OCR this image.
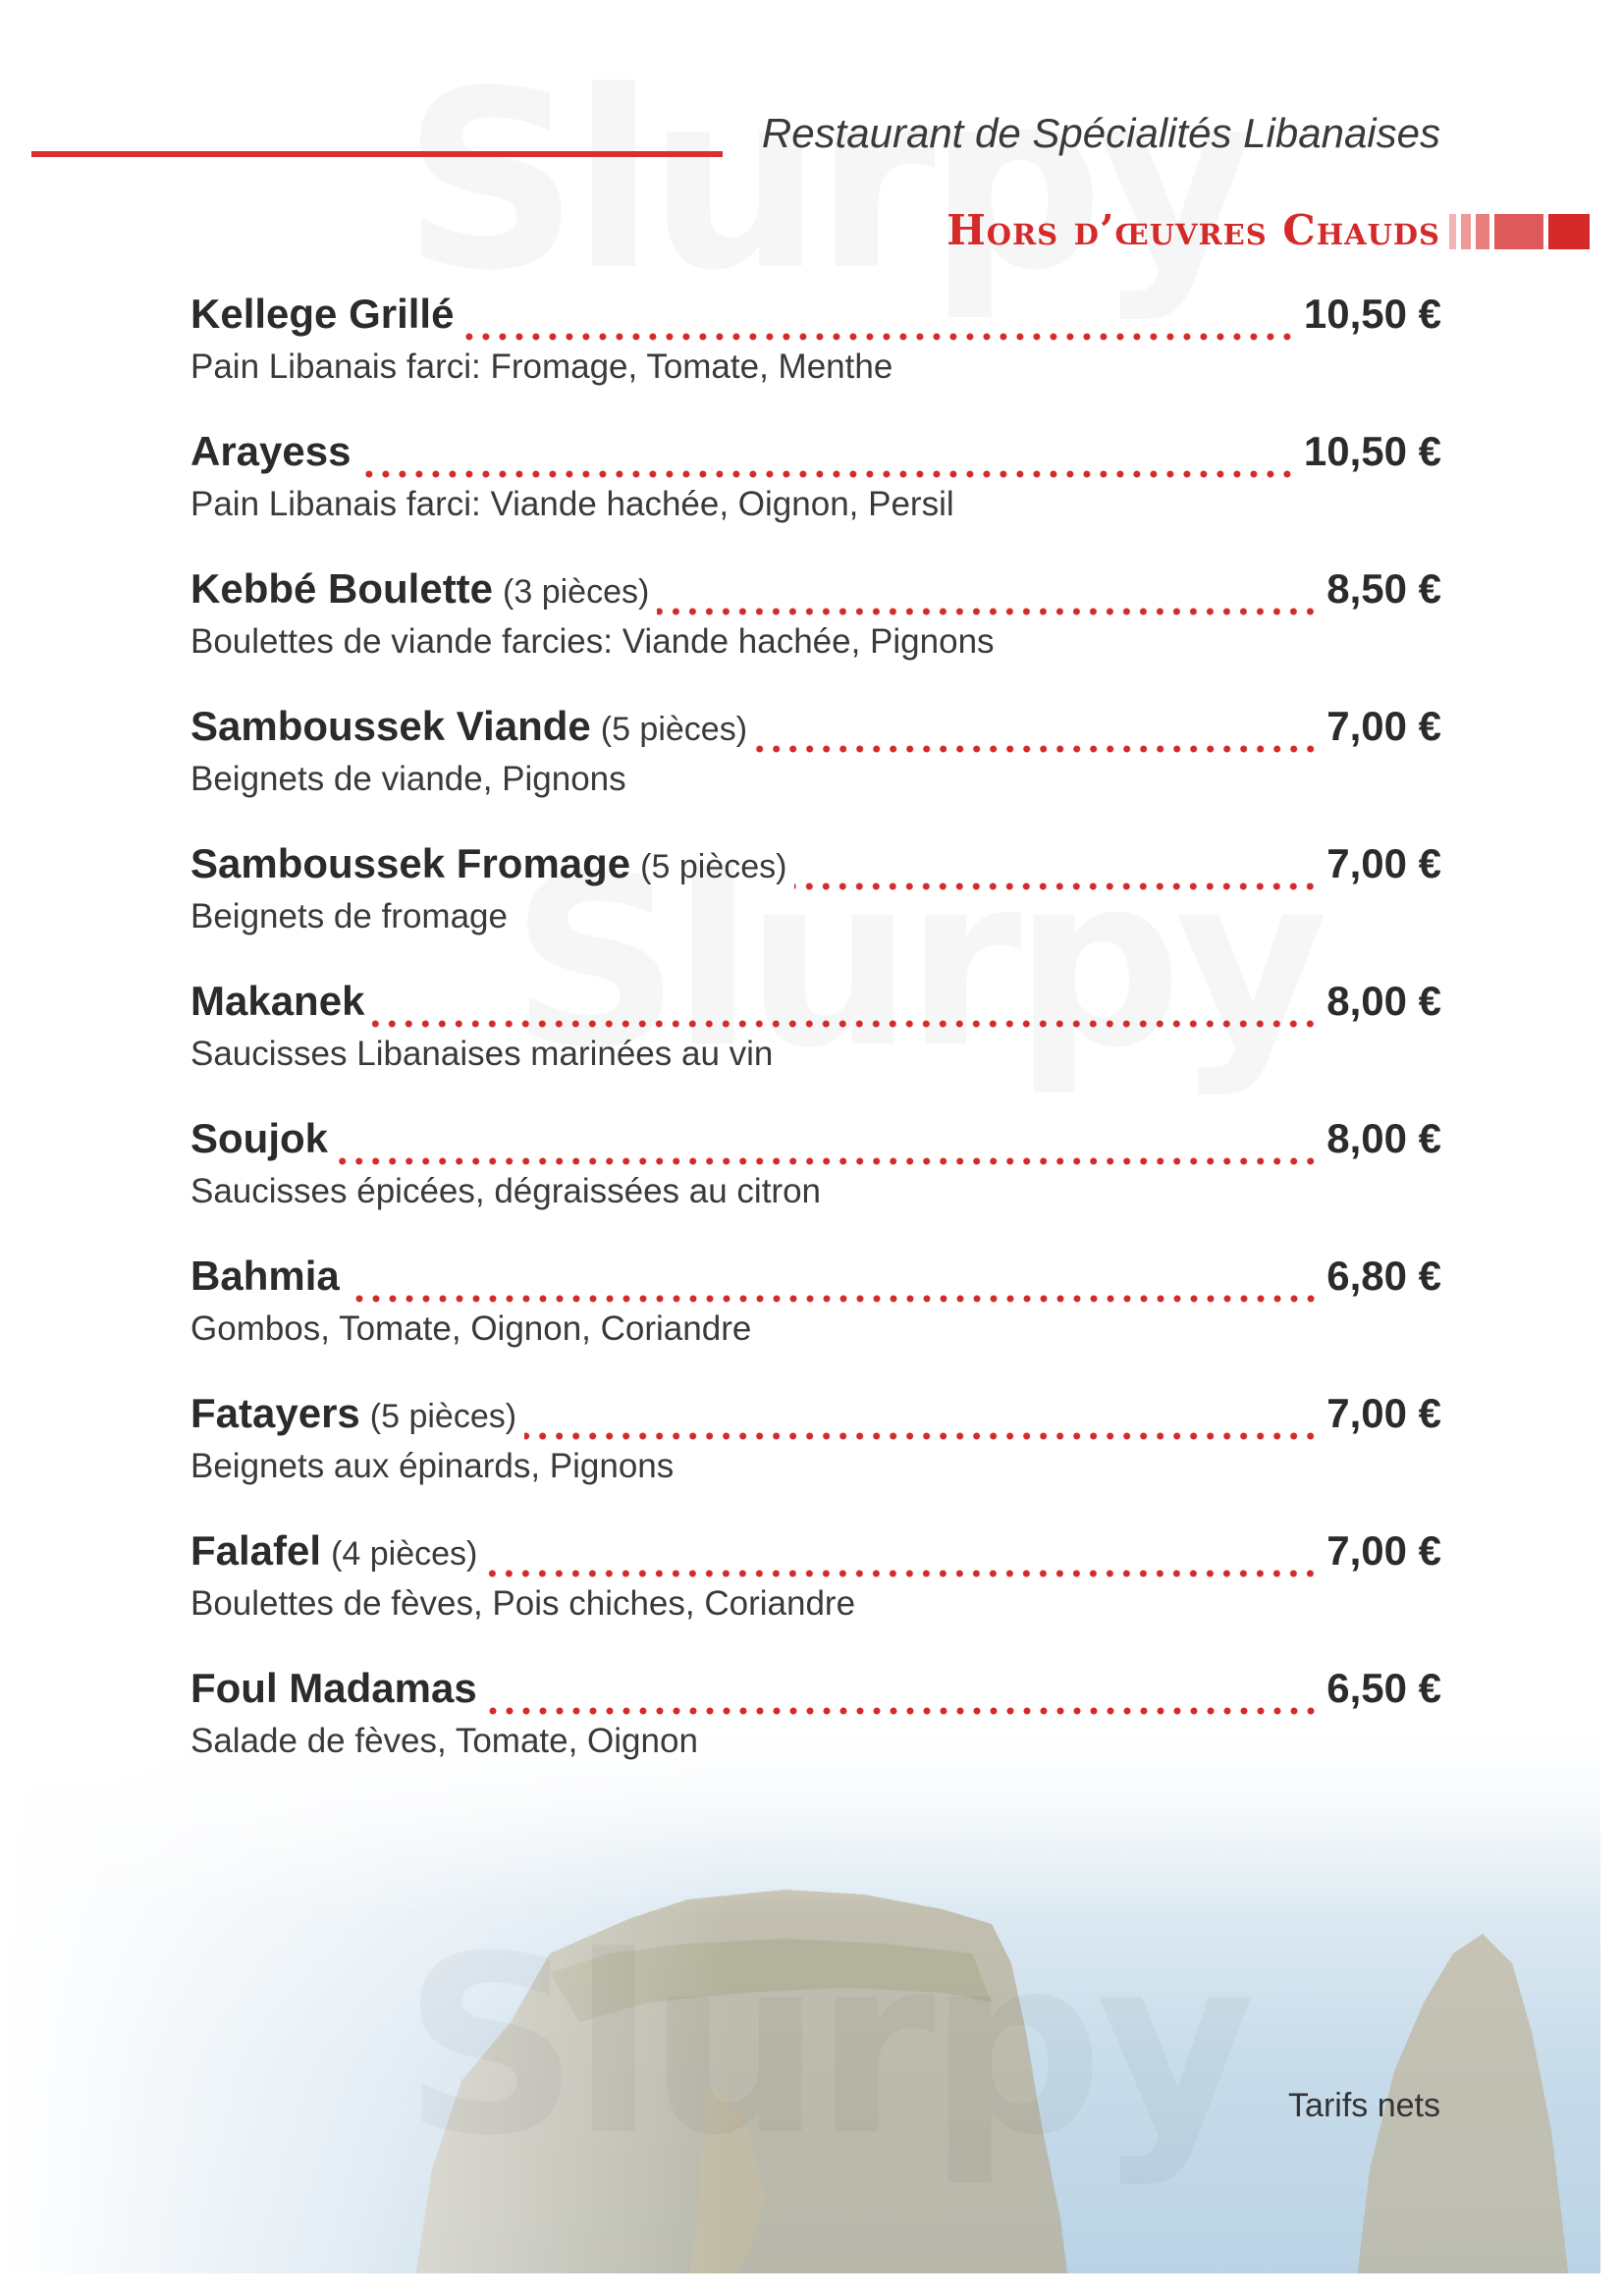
Restaurant de Spécialités Libanaises
Hors d’œuvres Chauds
Kellege Grillé	10,50 €
Pain Libanais farci: Fromage, Tomate, Menthe
Arayess	10,50 €
Pain Libanais farci: Viande hachée, Oignon, Persil
Kebbé Boulette (3 pièces)	8,50 €
Boulettes de viande farcies: Viande hachée, Pignons
Samboussek Viande (5 pièces)	7,00 €
Beignets de viande, Pignons
Samboussek Fromage (5 pièces)	7,00 €
Beignets de fromage
Makanek	8,00 €
Saucisses Libanaises marinées au vin
Soujok	8,00 €
Saucisses épicées, dégraissées au citron
Bahmia	6,80 €
Gombos, Tomate, Oignon, Coriandre
Fatayers (5 pièces)	7,00 €
Beignets aux épinards, Pignons
Falafel (4 pièces)	7,00 €
Boulettes de fèves, Pois chiches, Coriandre
Foul Madamas	6,50 €
Salade de fèves, Tomate, Oignon
Tarifs nets
